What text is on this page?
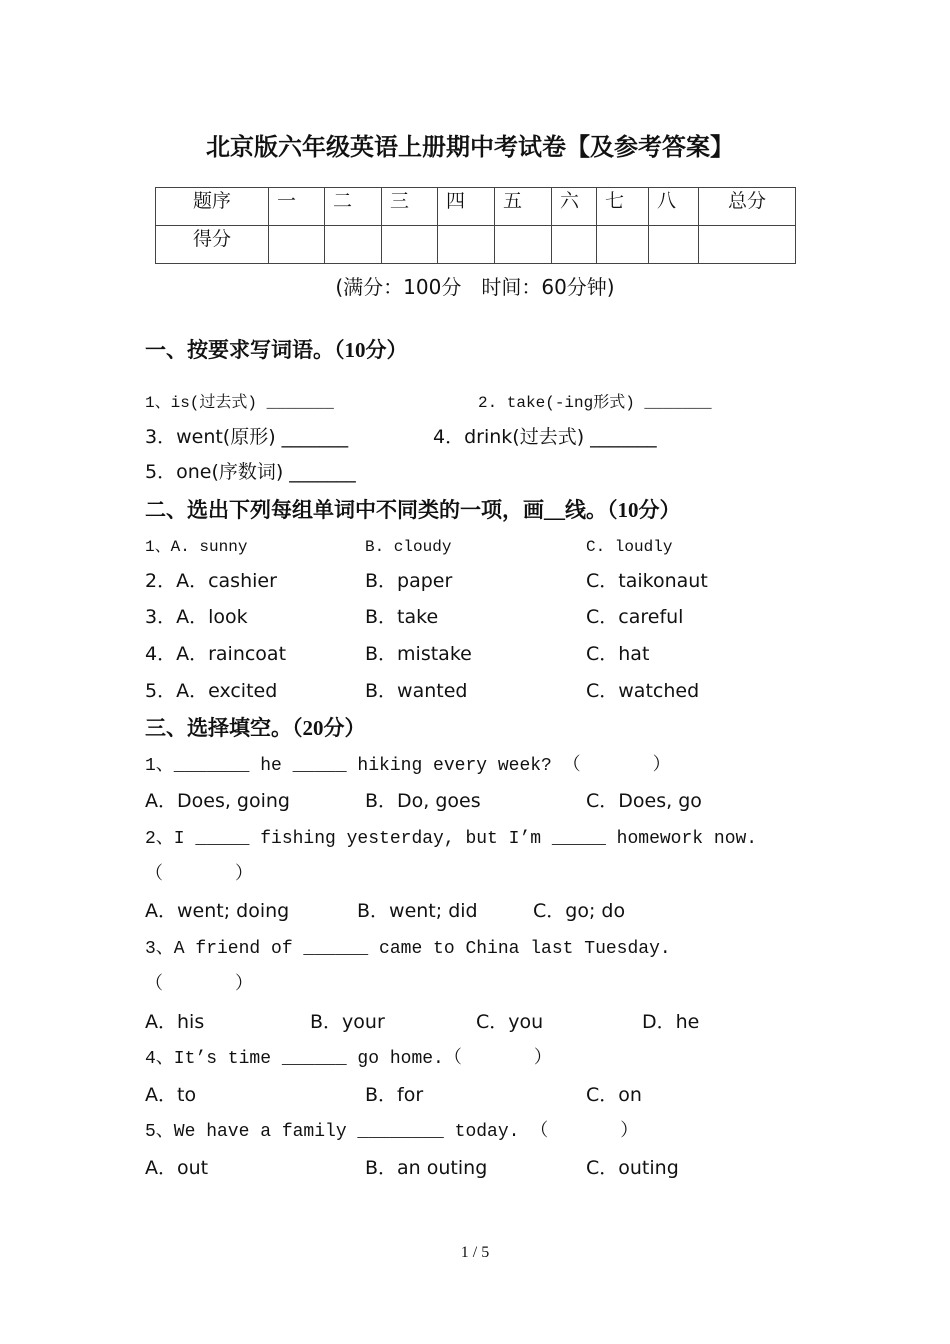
北京版六年级英语上册期中考试卷【及参考答案】
题序	一	二	三	四	五	六	七	八	总分
得分									
(满分：100分　时间：60分钟)
一、按要求写词语。（10分）
1、is(过去式) _______	2. take(-ing形式) _______
3．went(原形) _______	4．drink(过去式) _______
5．one(序数词) _______
二、选出下列每组单词中不同类的一项，画__线。（10分）
1、A. sunny	B. cloudy	C. loudly
2．A．cashier	B．paper	C．taikonaut
3．A．look	B．take	C．careful
4．A．raincoat	B．mistake	C．hat
5．A．excited	B．wanted	C．watched
三、选择填空。（20分）
1、_______ he _____ hiking every week? （　　　　）
A．Does, going	B．Do, goes	C．Does, go
2、I _____ fishing yesterday, but I’m _____ homework now.
（　　　　）
A．went; doing	B．went; did	C．go; do
3、A friend of ______ came to China last Tuesday.
（　　　　）
A．his	B．your	C．you	D．he
4、It’s time ______ go home.（　　　　）
A．to	B．for	C．on
5、We have a family ________ today. （　　　　）
A．out	B．an outing	C．outing
1 / 5
